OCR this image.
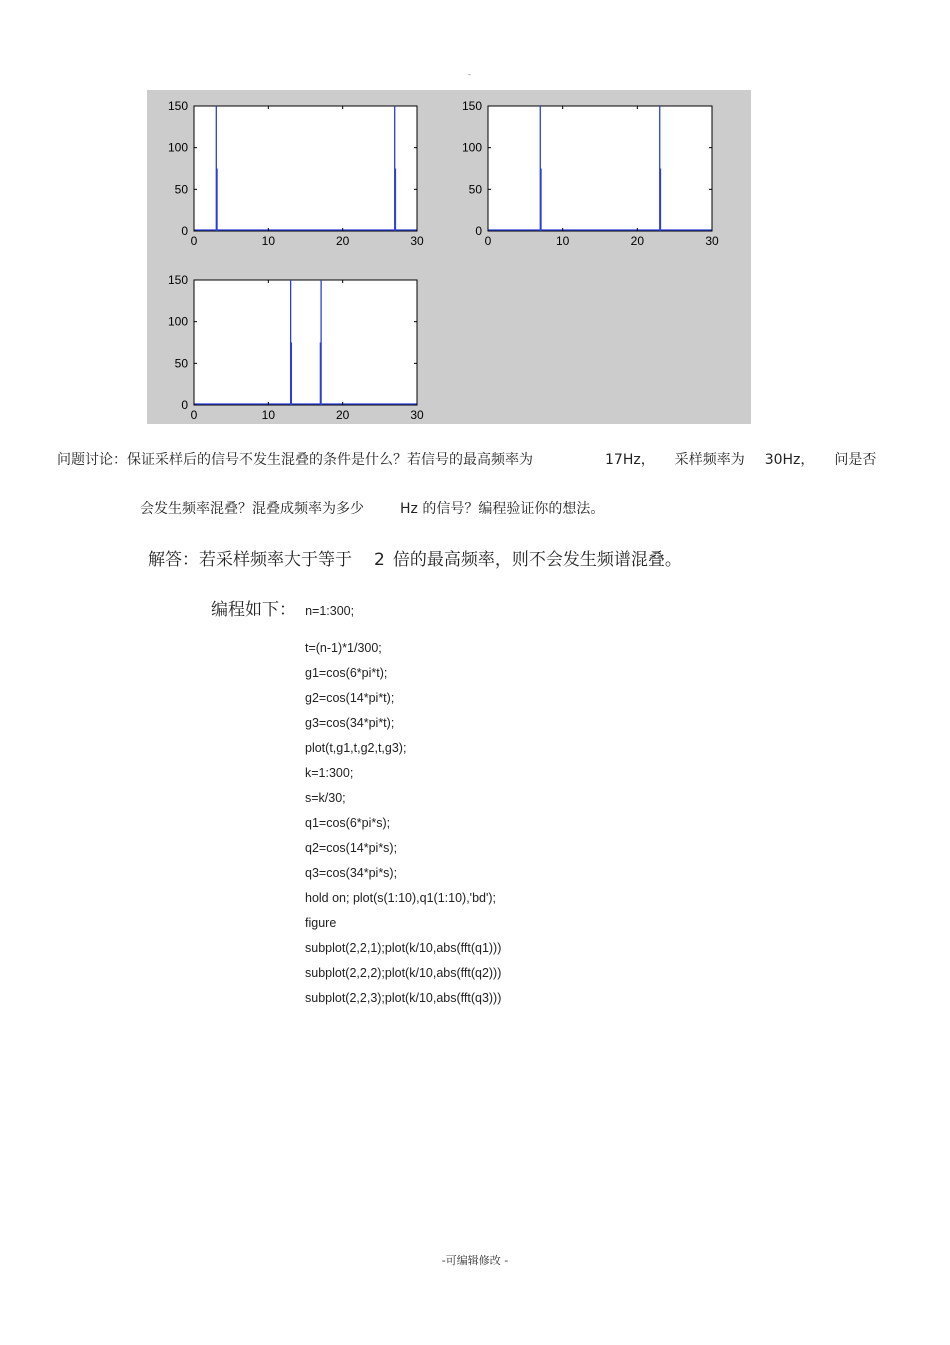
-
0	10	20	30
0
50
100
150
0	10	20	30
0
50
100
150
0	10	20	30
0
50
100
150
问题讨论：保证采样后的信号不发生混叠的条件是什么？若信号的最高频率为	17Hz， 采样频率为 30Hz， 问是否
会发生频率混叠？混叠成频率为多少	Hz 的信号？编程验证你的想法。
解答：若采样频率大于等于 2 倍的最高频率，则不会发生频谱混叠。
编程如下： n=1:300;
t=(n-1)*1/300;
g1=cos(6*pi*t);
g2=cos(14*pi*t);
g3=cos(34*pi*t);
plot(t,g1,t,g2,t,g3);
k=1:300;
s=k/30;
q1=cos(6*pi*s);
q2=cos(14*pi*s);
q3=cos(34*pi*s);
hold on; plot(s(1:10),q1(1:10),'bd');
figure
subplot(2,2,1);plot(k/10,abs(fft(q1)))
subplot(2,2,2);plot(k/10,abs(fft(q2)))
subplot(2,2,3);plot(k/10,abs(fft(q3)))
-可编辑修改 -
